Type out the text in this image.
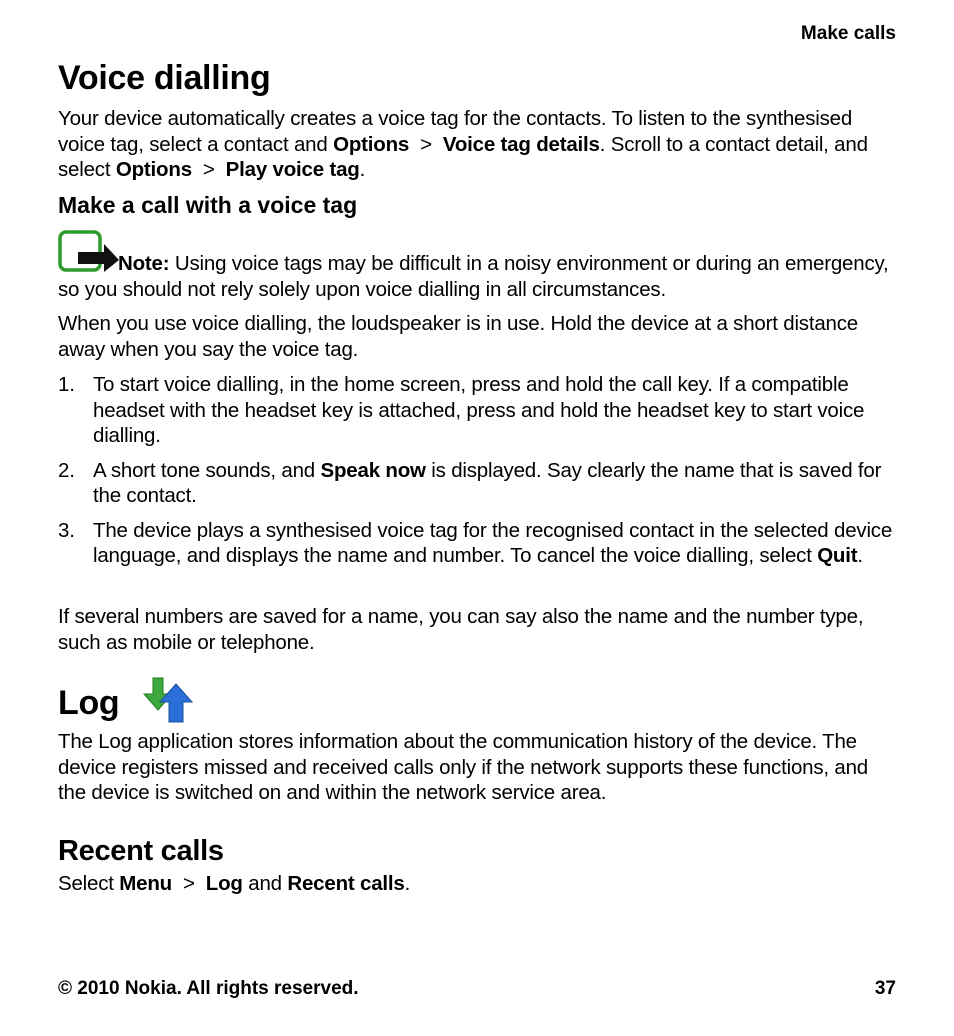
Make calls
Voice dialling

Your device automatically creates a voice tag for the contacts. To listen to the synthesised voice tag, select a contact and Options  >  Voice tag details. Scroll to a contact detail, and select Options  >  Play voice tag.

Make a call with a voice tag

Note: Using voice tags may be difficult in a noisy environment or during an emergency, so you should not rely solely upon voice dialling in all circumstances.

When you use voice dialling, the loudspeaker is in use. Hold the device at a short distance away when you say the voice tag.

1. To start voice dialling, in the home screen, press and hold the call key. If a compatible headset with the headset key is attached, press and hold the headset key to start voice dialling.
2. A short tone sounds, and Speak now is displayed. Say clearly the name that is saved for the contact.
3. The device plays a synthesised voice tag for the recognised contact in the selected device language, and displays the name and number. To cancel the voice dialling, select Quit.

If several numbers are saved for a name, you can say also the name and the number type, such as mobile or telephone.

Log

The Log application stores information about the communication history of the device. The device registers missed and received calls only if the network supports these functions, and the device is switched on and within the network service area.

Recent calls

Select Menu  >  Log and Recent calls.

© 2010 Nokia. All rights reserved.	37
